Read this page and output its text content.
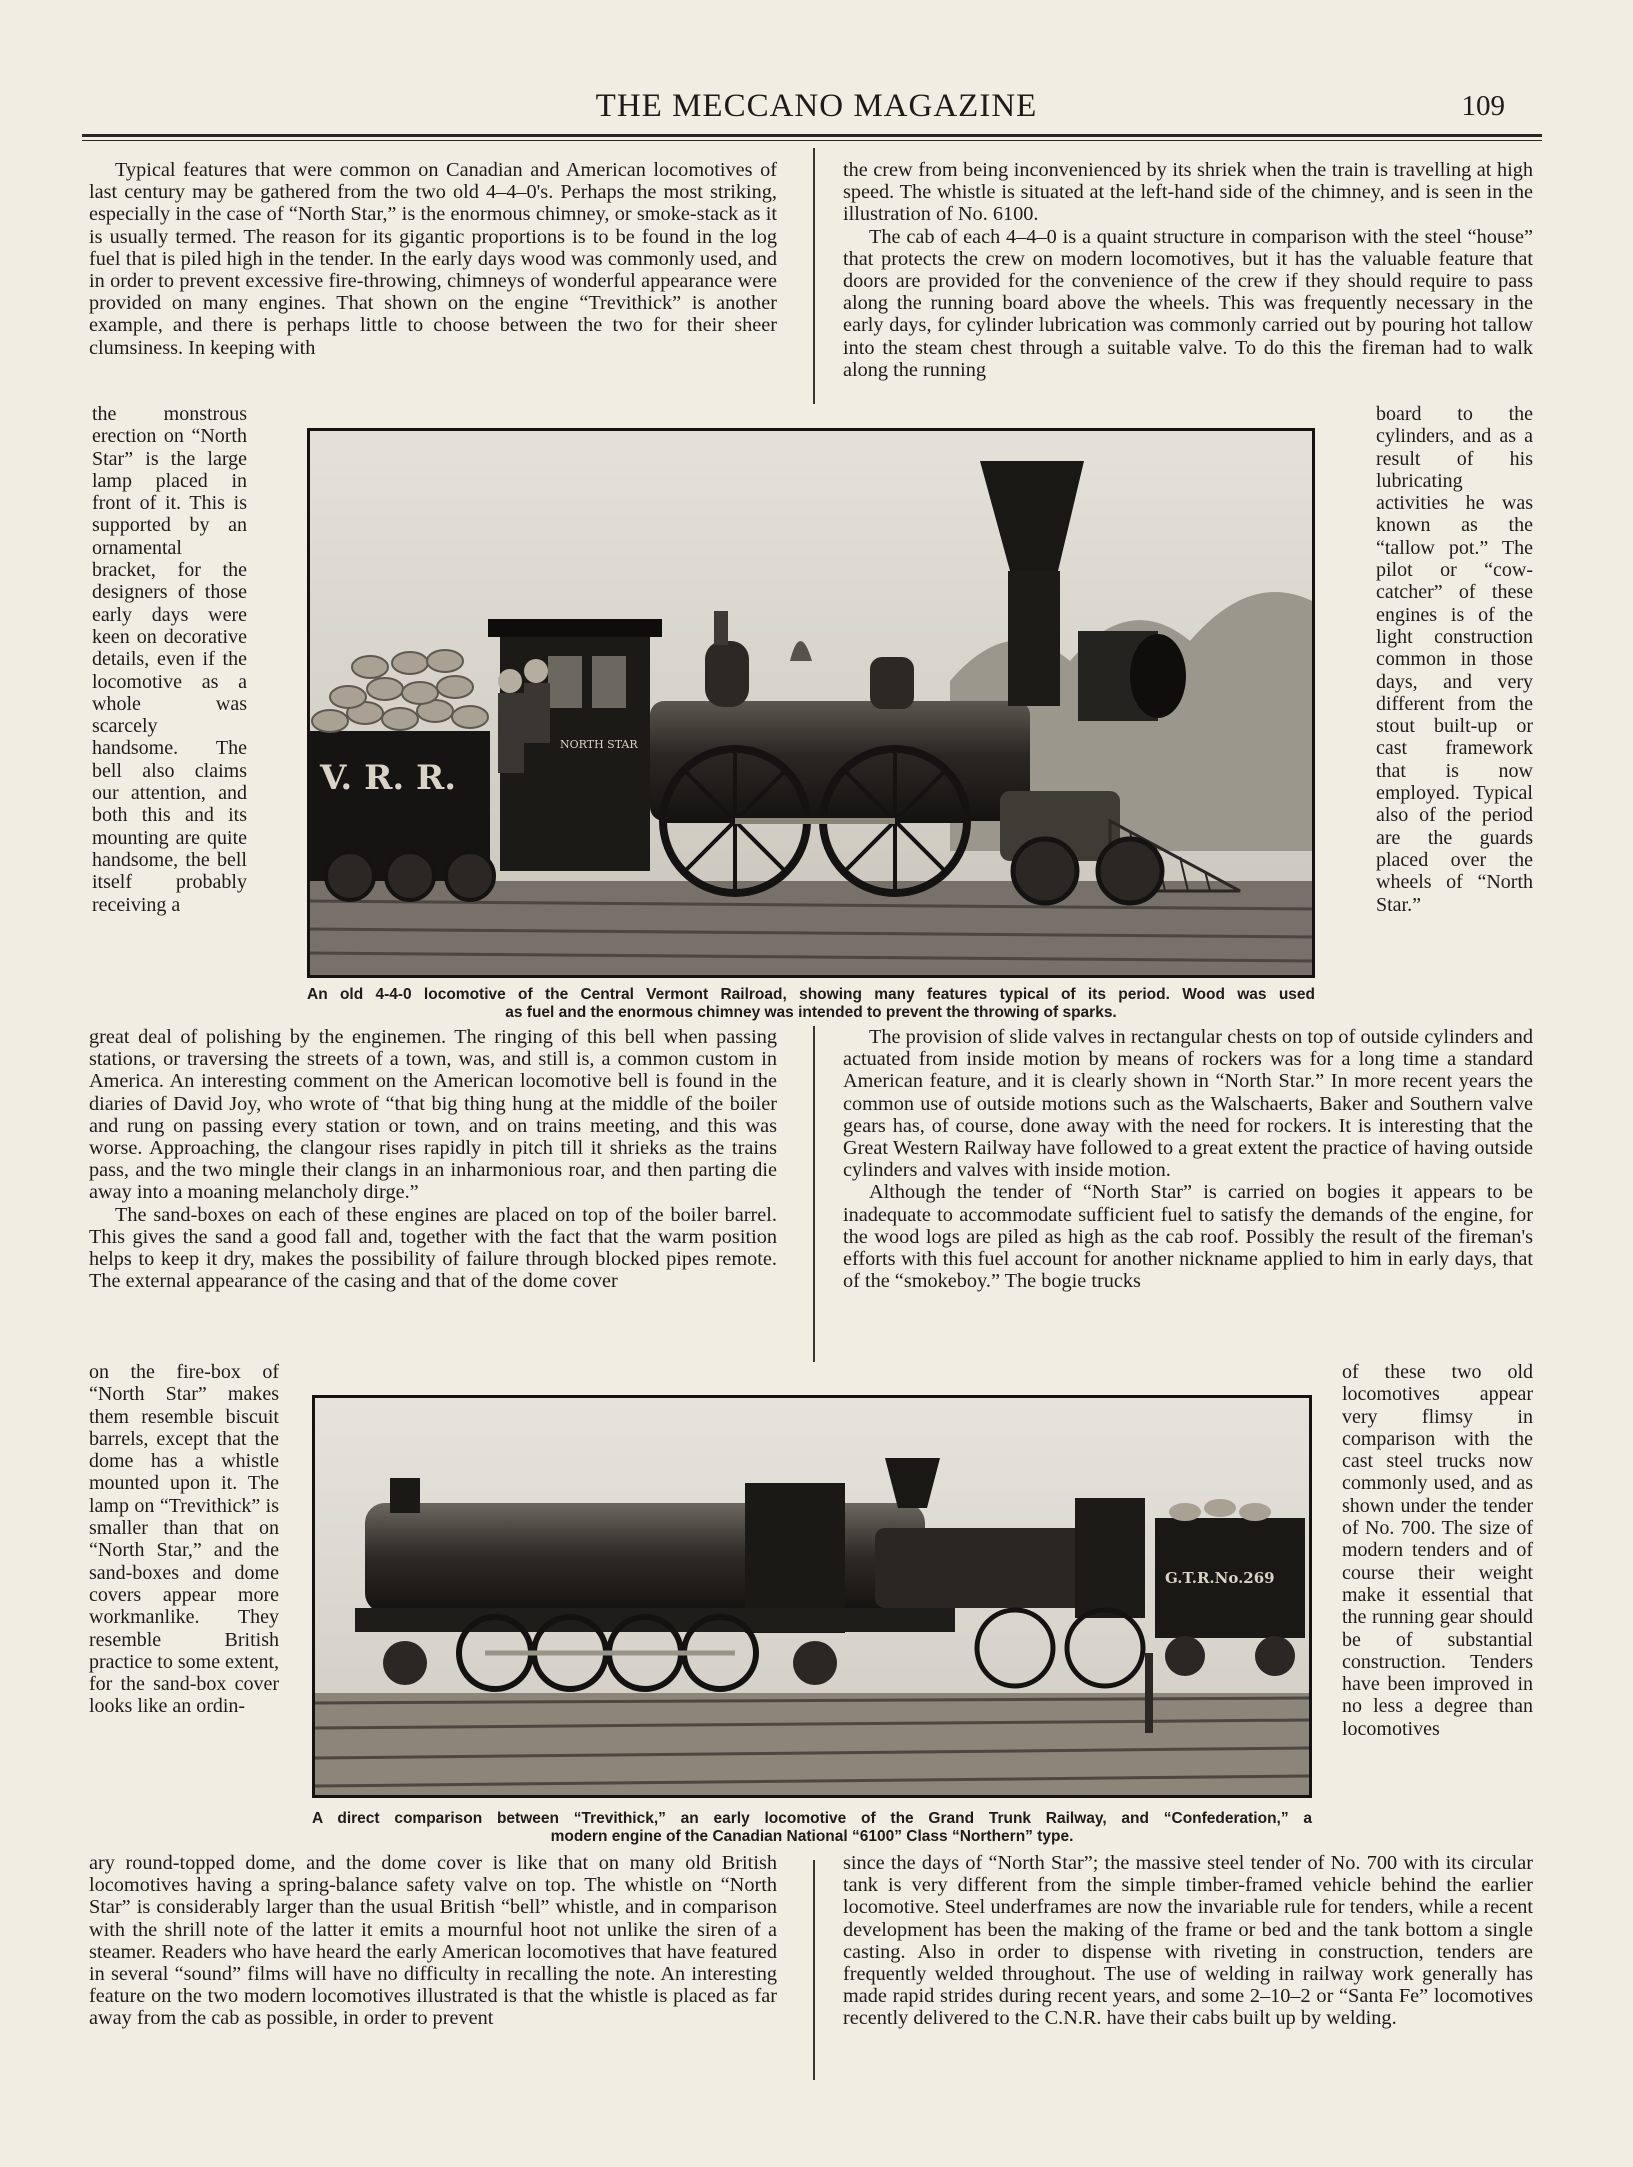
THE MECCANO MAGAZINE	109

Typical features that were common on Canadian and American locomotives of last century may be gathered from the two old 4–4–0's. Perhaps the most striking, especially in the case of “North Star,” is the enormous chimney, or smoke-stack as it is usually termed. The reason for its gigantic proportions is to be found in the log fuel that is piled high in the tender. In the early days wood was commonly used, and in order to prevent excessive fire-throwing, chimneys of wonderful appearance were provided on many engines. That shown on the engine “Trevithick” is another example, and there is perhaps little to choose between the two for their sheer clumsiness. In keeping with

the monstrous erection on “North Star” is the large lamp placed in front of it. This is supported by an ornamental bracket, for the designers of those early days were keen on decorative details, even if the locomotive as a whole was scarcely handsome. The bell also claims our attention, and both this and its mounting are quite handsome, the bell itself probably receiving a

great deal of polishing by the enginemen. The ringing of this bell when passing stations, or traversing the streets of a town, was, and still is, a common custom in America. An interesting comment on the American locomotive bell is found in the diaries of David Joy, who wrote of “that big thing hung at the middle of the boiler and rung on passing every station or town, and on trains meeting, and this was worse. Approaching, the clangour rises rapidly in pitch till it shrieks as the trains pass, and the two mingle their clangs in an inharmonious roar, and then parting die away into a moaning melancholy dirge.”

The sand-boxes on each of these engines are placed on top of the boiler barrel. This gives the sand a good fall and, together with the fact that the warm position helps to keep it dry, makes the possibility of failure through blocked pipes remote. The external appearance of the casing and that of the dome cover

on the fire-box of “North Star” makes them resemble biscuit barrels, except that the dome has a whistle mounted upon it. The lamp on “Trevithick” is smaller than that on “North Star,” and the sand-boxes and dome covers appear more workmanlike. They resemble British practice to some extent, for the sand-box cover looks like an ordin-

ary round-topped dome, and the dome cover is like that on many old British locomotives having a spring-balance safety valve on top. The whistle on “North Star” is considerably larger than the usual British “bell” whistle, and in comparison with the shrill note of the latter it emits a mournful hoot not unlike the siren of a steamer. Readers who have heard the early American locomotives that have featured in several “sound” films will have no difficulty in recalling the note. An interesting feature on the two modern locomotives illustrated is that the whistle is placed as far away from the cab as possible, in order to prevent

the crew from being inconvenienced by its shriek when the train is travelling at high speed. The whistle is situated at the left-hand side of the chimney, and is seen in the illustration of No. 6100.

The cab of each 4–4–0 is a quaint structure in comparison with the steel “house” that protects the crew on modern locomotives, but it has the valuable feature that doors are provided for the convenience of the crew if they should require to pass along the running board above the wheels. This was frequently necessary in the early days, for cylinder lubrication was commonly carried out by pouring hot tallow into the steam chest through a suitable valve. To do this the fireman had to walk along the running

board to the cylinders, and as a result of his lubricating activities he was known as the “tallow pot.” The pilot or “cow-catcher” of these engines is of the light construction common in those days, and very different from the stout built-up or cast framework that is now employed. Typical also of the period are the guards placed over the wheels of “North Star.”

The provision of slide valves in rectangular chests on top of outside cylinders and actuated from inside motion by means of rockers was for a long time a standard American feature, and it is clearly shown in “North Star.” In more recent years the common use of outside motions such as the Walschaerts, Baker and Southern valve gears has, of course, done away with the need for rockers. It is interesting that the Great Western Railway have followed to a great extent the practice of having outside cylinders and valves with inside motion.

Although the tender of “North Star” is carried on bogies it appears to be inadequate to accommodate sufficient fuel to satisfy the demands of the engine, for the wood logs are piled as high as the cab roof. Possibly the result of the fireman's efforts with this fuel account for another nickname applied to him in early days, that of the “smokeboy.” The bogie trucks

of these two old locomotives appear very flimsy in comparison with the cast steel trucks now commonly used, and as shown under the tender of No. 700. The size of modern tenders and of course their weight make it essential that the running gear should be of substantial construction. Tenders have been improved in no less a degree than locomotives

since the days of “North Star”; the massive steel tender of No. 700 with its circular tank is very different from the simple timber-framed vehicle behind the earlier locomotive. Steel underframes are now the invariable rule for tenders, while a recent development has been the making of the frame or bed and the tank bottom a single casting. Also in order to dispense with riveting in construction, tenders are frequently welded throughout. The use of welding in railway work generally has made rapid strides during recent years, and some 2–10–2 or “Santa Fe” locomotives recently delivered to the C.N.R. have their cabs built up by welding.

V. R. R.
NORTH STAR
An old 4-4-0 locomotive of the Central Vermont Railroad, showing many features typical of its period. Wood was used
as fuel and the enormous chimney was intended to prevent the throwing of sparks.
G.T.R.No.269
A direct comparison between “Trevithick,” an early locomotive of the Grand Trunk Railway, and “Confederation,” a
modern engine of the Canadian National “6100” Class “Northern” type.
